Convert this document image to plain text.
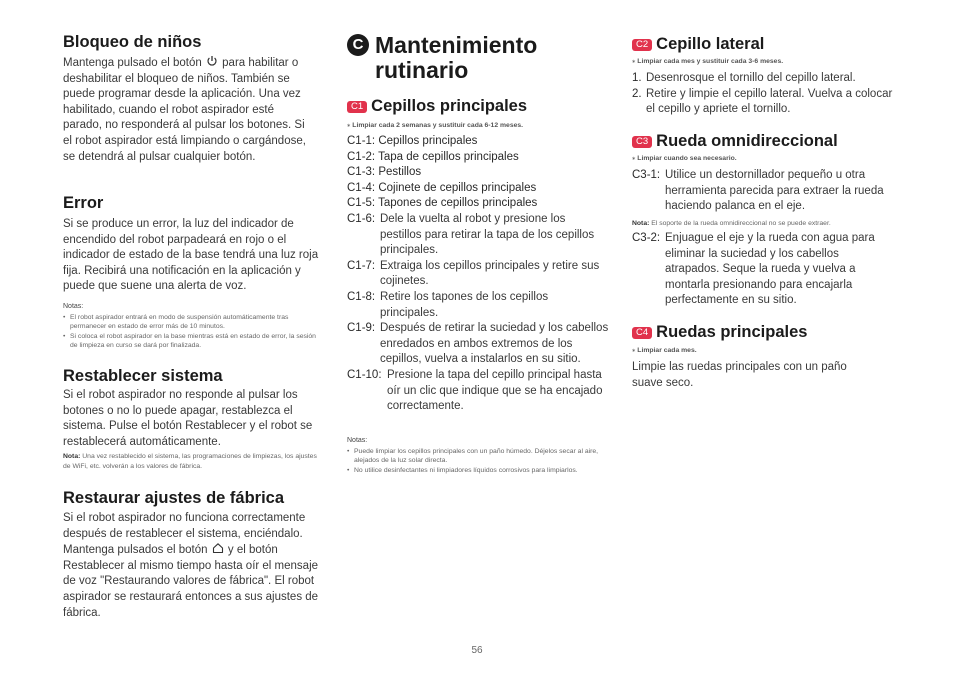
Bloqueo de niños

Mantenga pulsado el botón  para habilitar o deshabilitar el bloqueo de niños. También se puede programar desde la aplicación. Una vez habilitado, cuando el robot aspirador esté parado, no responderá al pulsar los botones. Si el robot aspirador está limpiando o cargándose, se detendrá al pulsar cualquier botón.

Error

Si se produce un error, la luz del indicador de encendido del robot parpadeará en rojo o el indicador de estado de la base tendrá una luz roja fija. Recibirá una notificación en la aplicación y puede que suene una alerta de voz.

Notas:

• El robot aspirador entrará en modo de suspensión automáticamente tras permanecer en estado de error más de 10 minutos.

• Si coloca el robot aspirador en la base mientras está en estado de error, la sesión de limpieza en curso se dará por finalizada.

Restablecer sistema

Si el robot aspirador no responde al pulsar los botones o no lo puede apagar, restablezca el sistema. Pulse el botón Restablecer y el robot se restablecerá automáticamente.

Nota: Una vez restablecido el sistema, las programaciones de limpiezas, los ajustes de WiFi, etc. volverán a los valores de fábrica.

Restaurar ajustes de fábrica

Si el robot aspirador no funciona correctamente después de restablecer el sistema, enciéndalo. Mantenga pulsados el botón  y el botón Restablecer al mismo tiempo hasta oír el mensaje de voz "Restaurando valores de fábrica". El robot aspirador se restaurará entonces a sus ajustes de fábrica.

C Mantenimiento
rutinario
C1 Cepillos principales

⁎ Limpiar cada 2 semanas y sustituir cada 6-12 meses.

C1-1: Cepillos principales
C1-2: Tapa de cepillos principales
C1-3: Pestillos
C1-4: Cojinete de cepillos principales
C1-5: Tapones de cepillos principales
C1-6: Dele la vuelta al robot y presione los pestillos para retirar la tapa de los cepillos principales.
C1-7: Extraiga los cepillos principales y retire sus cojinetes.
C1-8: Retire los tapones de los cepillos principales.
C1-9: Después de retirar la suciedad y los cabellos enredados en ambos extremos de los cepillos, vuelva a instalarlos en su sitio.
C1-10: Presione la tapa del cepillo principal hasta oír un clic que indique que se ha encajado correctamente.

Notas:

• Puede limpiar los cepillos principales con un paño húmedo. Déjelos secar al aire, alejados de la luz solar directa.

• No utilice desinfectantes ni limpiadores líquidos corrosivos para limpiarlos.

C2 Cepillo lateral

⁎ Limpiar cada mes y sustituir cada 3-6 meses.

1. Desenrosque el tornillo del cepillo lateral.
2. Retire y limpie el cepillo lateral. Vuelva a colocar el cepillo y apriete el tornillo.
C3 Rueda omnidireccional

⁎ Limpiar cuando sea necesario.

C3-1: Utilice un destornillador pequeño u otra herramienta parecida para extraer la rueda haciendo palanca en el eje.

Nota: El soporte de la rueda omnidireccional no se puede extraer.

C3-2: Enjuague el eje y la rueda con agua para eliminar la suciedad y los cabellos atrapados. Seque la rueda y vuelva a montarla presionando para encajarla perfectamente en su sitio.
C4 Ruedas principales

⁎ Limpiar cada mes.

Limpie las ruedas principales con un paño suave seco.

56
